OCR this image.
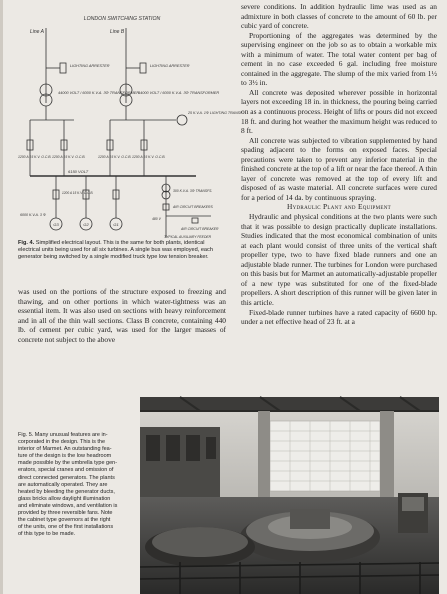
LONDON SWITCHING STATION
Line A	Line B
LIGHTING ARRESTER	LIGHTING ARRESTER
44000 VOLT / 6000 K.V.A. 3Φ TRANSFORMER
44000 VOLT / 6000 K.V.A. 3Φ TRANSFORMER
1200 A 15 K.V. O.C.B. 1200 A 15 K.V. O.C.B.	1200 A 15 K.V. O.C.B. 1200 A 15 K.V. O.C.B.
25 K.V.A. 1Φ LIGHTING TRANSF.
6150 VOLT
1200 A 15 K.V. O.C.B.
G3	G2	G1
6000 K.V.A. 3 Φ
300 K.V.A. 3Φ TRANSFS.
AIR CIRCUIT BREAKERS
480 V
AIR CIRCUIT BREAKER
TYPICAL AUXILIARY FEEDER
Fig. 4. Simplified electrical layout. This is the same for both plants, identical electrical units being used for all six turbines. A single bus was employed, each generator being switched by a single modified truck type low tension breaker.

was used on the portions of the structure exposed to freezing and thawing, and on other portions in which water-tightness was an essential item. It was also used on sections with heavy reinforcement and in all of the thin wall sections. Class B concrete, containing 440 lb. of cement per cubic yard, was used for the larger masses of concrete not subject to the above

severe conditions. In addition hydraulic lime was used as an admixture in both classes of concrete to the amount of 60 lb. per cubic yard of concrete.

Proportioning of the aggregates was determined by the supervising engineer on the job so as to obtain a workable mix with a minimum of water. The total water content per bag of cement in no case exceeded 6 gal. including free moisture contained in the aggregate. The slump of the mix varied from 1½ to 3½ in.

All concrete was deposited wherever possible in horizontal layers not exceeding 18 in. in thickness, the pouring being carried on as a continuous process. Height of lifts or pours did not exceed 18 ft. and during hot weather the maximum height was reduced to 8 ft.

All concrete was subjected to vibration supplemented by hand spading adjacent to the forms on exposed faces. Special precautions were taken to prevent any inferior material in the finished concrete at the top of a lift or near the face thereof. A thin layer of concrete was removed at the top of every lift and disposed of as waste material. All concrete surfaces were cured for a period of 14 da. by continuous spraying.

Hydraulic Plant and Equipment

Hydraulic and physical conditions at the two plants were such that it was possible to design practically duplicate installations. Studies indicated that the most economical combination of units at each plant would consist of three units of the vertical shaft propeller type, two to have fixed blade runners and one an adjustable blade runner. The turbines for London were purchased on this basis but for Marmet an automatically-adjustable propeller of a new type was substituted for one of the fixed-blade propellers. A short description of this runner will be given later in this article.

Fixed-blade runner turbines have a rated capacity of 6600 hp. under a net effective head of 23 ft. at a

Fig. 5. Many unusual features are in-
corporated in the design. This is the
interior of Marmet. An outstanding fea-
ture of the design is the low headroom
made possible by the umbrella type gen-
erators, special cranes and omission of
direct connected generators. The plants
are automatically operated. They are
heated by bleeding the generator ducts,
glass bricks allow daylight illumination
and eliminate windows, and ventilation is
provided by three reversible fans. Note
the cabinet type governors at the right
of the units, one of the first installations
of this type to be made.
